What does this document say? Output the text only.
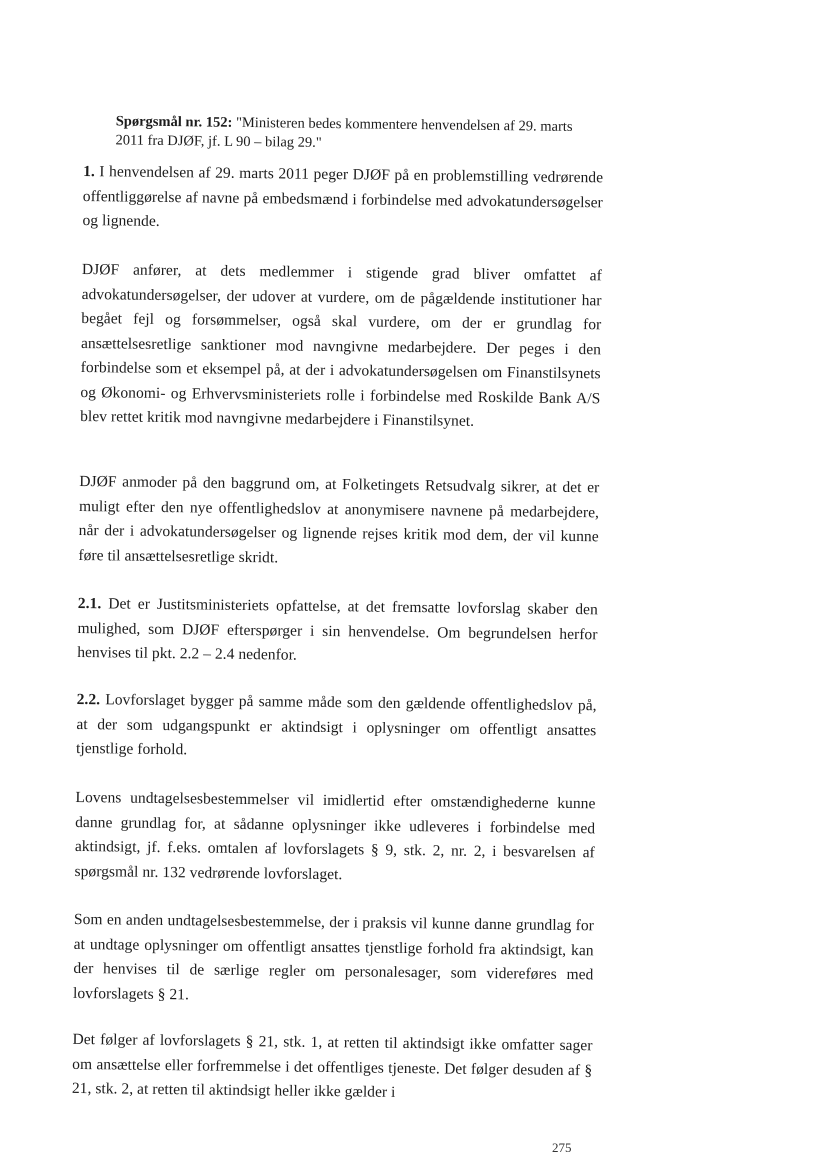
Spørgsmål nr. 152: "Ministeren bedes kommentere henvendelsen af 29. marts 2011 fra DJØF, jf. L 90 – bilag 29."
1. I henvendelsen af 29. marts 2011 peger DJØF på en problemstilling vedrørende offentliggørelse af navne på embedsmænd i forbindelse med advokatundersøgelser og lignende.
DJØF anfører, at dets medlemmer i stigende grad bliver omfattet af advokatundersøgelser, der udover at vurdere, om de pågældende institutioner har begået fejl og forsømmelser, også skal vurdere, om der er grundlag for ansættelsesretlige sanktioner mod navngivne medarbejdere. Der peges i den forbindelse som et eksempel på, at der i advokatundersøgelsen om Finanstilsynets og Økonomi- og Erhvervsministeriets rolle i forbindelse med Roskilde Bank A/S blev rettet kritik mod navngivne medarbejdere i Finanstilsynet.
DJØF anmoder på den baggrund om, at Folketingets Retsudvalg sikrer, at det er muligt efter den nye offentlighedslov at anonymisere navnene på medarbejdere, når der i advokatundersøgelser og lignende rejses kritik mod dem, der vil kunne føre til ansættelsesretlige skridt.
2.1. Det er Justitsministeriets opfattelse, at det fremsatte lovforslag skaber den mulighed, som DJØF efterspørger i sin henvendelse. Om begrundelsen herfor henvises til pkt. 2.2 – 2.4 nedenfor.
2.2. Lovforslaget bygger på samme måde som den gældende offentlighedslov på, at der som udgangspunkt er aktindsigt i oplysninger om offentligt ansattes tjenstlige forhold.
Lovens undtagelsesbestemmelser vil imidlertid efter omstændighederne kunne danne grundlag for, at sådanne oplysninger ikke udleveres i forbindelse med aktindsigt, jf. f.eks. omtalen af lovforslagets § 9, stk. 2, nr. 2, i besvarelsen af spørgsmål nr. 132 vedrørende lovforslaget.
Som en anden undtagelsesbestemmelse, der i praksis vil kunne danne grundlag for at undtage oplysninger om offentligt ansattes tjenstlige forhold fra aktindsigt, kan der henvises til de særlige regler om personalesager, som videreføres med lovforslagets § 21.
Det følger af lovforslagets § 21, stk. 1, at retten til aktindsigt ikke omfatter sager om ansættelse eller forfremmelse i det offentliges tjeneste. Det følger desuden af § 21, stk. 2, at retten til aktindsigt heller ikke gælder i
275
